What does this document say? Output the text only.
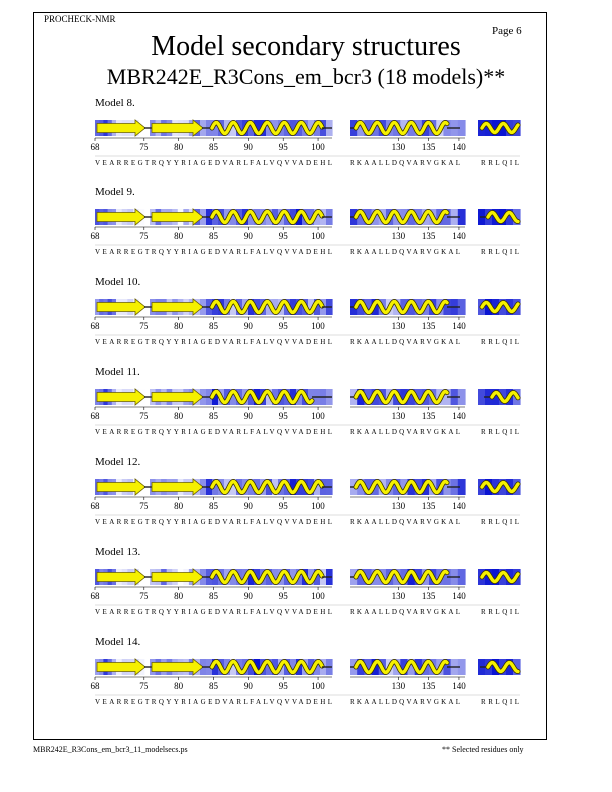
PROCHECK-NMR
Page 6
Model secondary structures
MBR242E_R3Cons_em_bcr3 (18 models)**
Model 8.
Model 9.
Model 10.
Model 11.
Model 12.
Model 13.
Model 14.
68	75	80	85	90	95	100	130 135 140
VEARREGTRQYYRIAGEDVARLFALVQVVADEHL	RKAALLDQVARVGKAL	RRLQIL
68	75	80	85	90	95	100	130 135 140
VEARREGTRQYYRIAGEDVARLFALVQVVADEHL	RKAALLDQVARVGKAL	RRLQIL
68	75	80	85	90	95	100	130 135 140
VEARREGTRQYYRIAGEDVARLFALVQVVADEHL	RKAALLDQVARVGKAL	RRLQIL
68	75	80	85	90	95	100	130 135 140
VEARREGTRQYYRIAGEDVARLFALVQVVADEHL	RKAALLDQVARVGKAL	RRLQIL
68	75	80	85	90	95	100	130 135 140
VEARREGTRQYYRIAGEDVARLFALVQVVADEHL	RKAALLDQVARVGKAL	RRLQIL
68	75	80	85	90	95	100	130 135 140
VEARREGTRQYYRIAGEDVARLFALVQVVADEHL	RKAALLDQVARVGKAL	RRLQIL
68	75	80	85	90	95	100	130 135 140
VEARREGTRQYYRIAGEDVARLFALVQVVADEHL	RKAALLDQVARVGKAL	RRLQIL
MBR242E_R3Cons_em_bcr3_11_modelsecs.ps	** Selected residues only
